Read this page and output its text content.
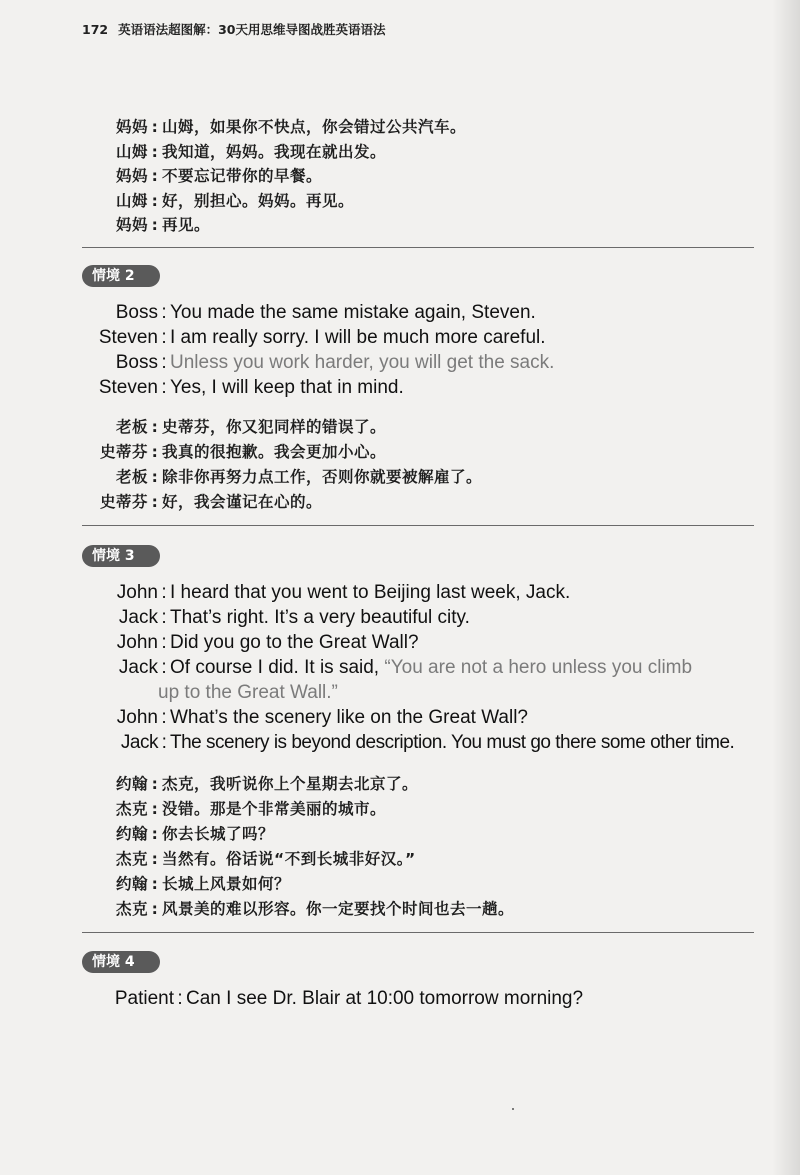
172 英语语法超图解：30天用思维导图战胜英语语法
妈妈 : 山姆，如果你不快点，你会错过公共汽车。
山姆 : 我知道，妈妈。我现在就出发。
妈妈 : 不要忘记带你的早餐。
山姆 : 好，别担心。妈妈。再见。
妈妈 : 再见。
情境 2
Boss : You made the same mistake again, Steven.
Steven : I am really sorry. I will be much more careful.
Boss : Unless you work harder, you will get the sack.
Steven : Yes, I will keep that in mind.
老板 : 史蒂芬，你又犯同样的错误了。
史蒂芬 : 我真的很抱歉。我会更加小心。
老板 : 除非你再努力点工作，否则你就要被解雇了。
史蒂芬 : 好，我会谨记在心的。
情境 3
John : I heard that you went to Beijing last week, Jack.
Jack : That’s right. It’s a very beautiful city.
John : Did you go to the Great Wall?
Jack : Of course I did. It is said, “You are not a hero unless you climb
up to the Great Wall.”
John : What’s the scenery like on the Great Wall?
Jack : The scenery is beyond description. You must go there some other time.
约翰 : 杰克，我听说你上个星期去北京了。
杰克 : 没错。那是个非常美丽的城市。
约翰 : 你去长城了吗？
杰克 : 当然有。俗话说“不到长城非好汉。”
约翰 : 长城上风景如何？
杰克 : 风景美的难以形容。你一定要找个时间也去一趟。
情境 4
Patient : Can I see Dr. Blair at 10:00 tomorrow morning?
